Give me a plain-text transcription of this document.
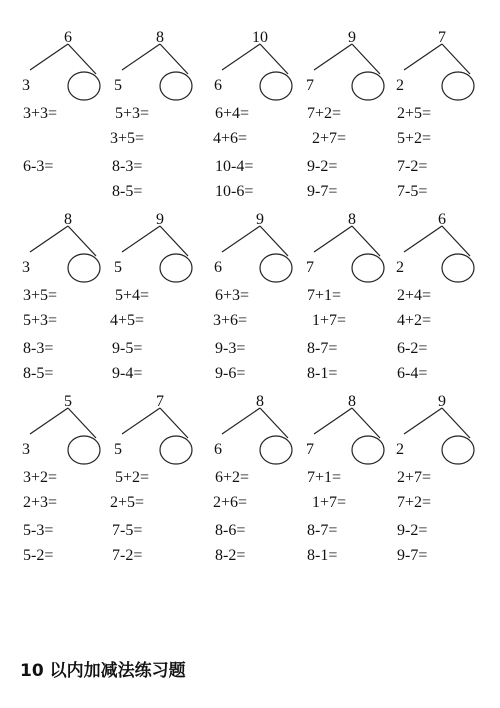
6
3
3+3=
6-3=
8
5
5+3=
3+5=
8-3=
8-5=
10
6
6+4=
4+6=
10-4=
10-6=
9
7
7+2=
2+7=
9-2=
9-7=
7
2
2+5=
5+2=
7-2=
7-5=
8
3
3+5=
5+3=
8-3=
8-5=
9
5
5+4=
4+5=
9-5=
9-4=
9
6
6+3=
3+6=
9-3=
9-6=
8
7
7+1=
1+7=
8-7=
8-1=
6
2
2+4=
4+2=
6-2=
6-4=
5
3
3+2=
2+3=
5-3=
5-2=
7
5
5+2=
2+5=
7-5=
7-2=
8
6
6+2=
2+6=
8-6=
8-2=
8
7
7+1=
1+7=
8-7=
8-1=
9
2
2+7=
7+2=
9-2=
9-7=
10 以内加减法练习题
